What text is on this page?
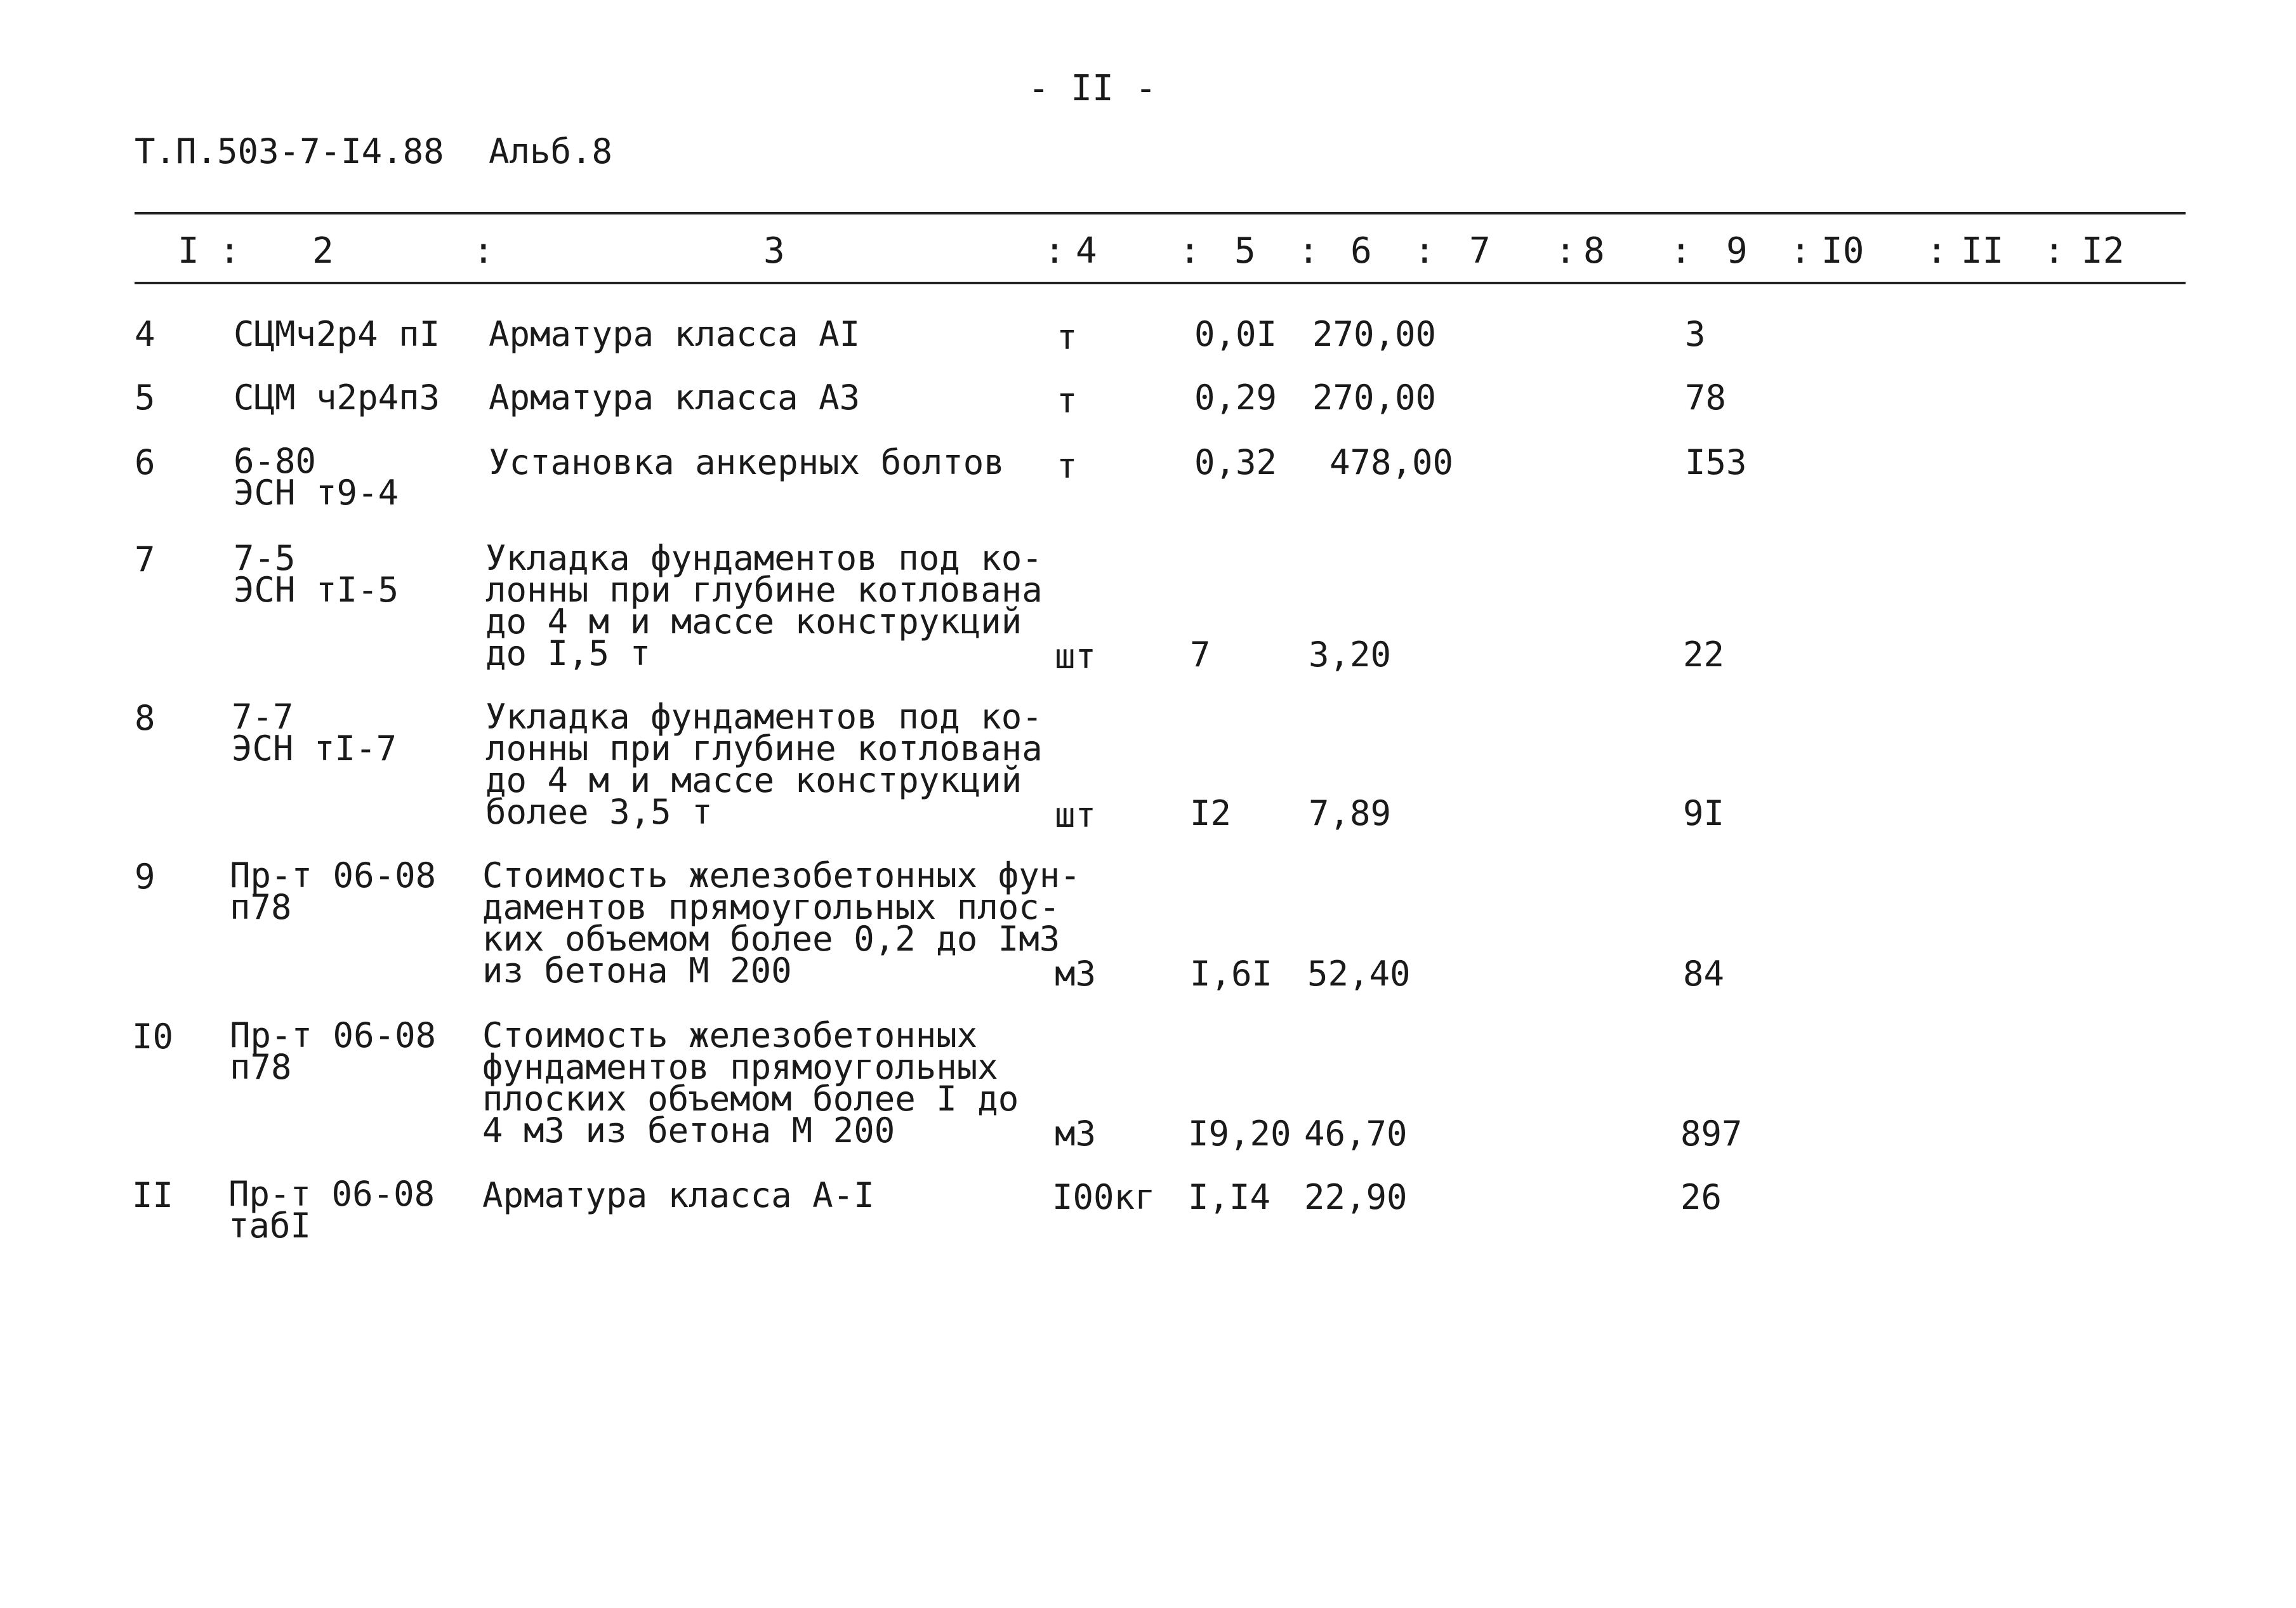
- II -
Т.П.503-7-I4.88 Альб.8
I : 2	:	3	: 4 : 5 : 6 : 7 : 8 : 9 : I0 : II : I2
4 СЦМч2р4 пI Арматура класса АI	т	0,0I 270,00	3
5 СЦМ ч2р4п3 Арматура класса А3	т	0,29 270,00	78
6 6-80
ЭСН т9-4
Установка анкерных болтов т	0,32 478,00	I53
7 7-5
ЭСН тI-5
Укладка фундаментов под ко-
лонны при глубине котлована
до 4 м и массе конструкций
до I,5 т	шт	7	3,20	22
8 7-7
ЭСН тI-7
Укладка фундаментов под ко-
лонны при глубине котлована
до 4 м и массе конструкций
более 3,5 т	шт	I2 7,89	9I
9 Пр-т 06-08
п78
Стоимость железобетонных фун-
даментов прямоугольных плос-
ких объемом более 0,2 до Iм3
из бетона М 200	м3	I,6I 52,40	84
I0 Пр-т 06-08
п78
Стоимость железобетонных
фундаментов прямоугольных
плоских объемом более I до
4 м3 из бетона М 200	м3	I9,20 46,70	897
II Пр-т 06-08
табI
Арматура класса А-I	I00кг I,I4 22,90	26
